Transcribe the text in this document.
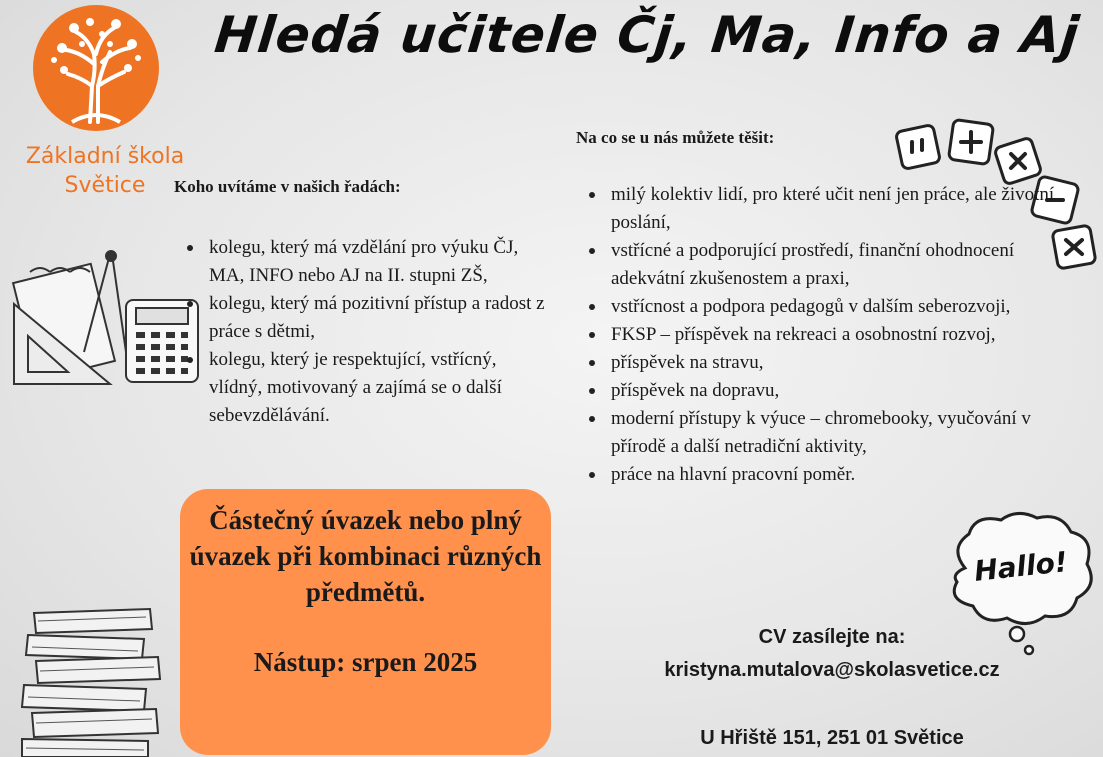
Základní škola
Světice
Hledá učitele Čj, Ma, Info a Aj
Koho uvítáme v našich řadách:
kolegu, který má vzdělání pro výuku ČJ, MA, INFO nebo AJ na II. stupni ZŠ,
kolegu, který má pozitivní přístup a radost z práce s dětmi,
kolegu, který je respektující, vstřícný, vlídný, motivovaný a zajímá se o další sebevzdělávání.
Na co se u nás můžete těšit:
milý kolektiv lidí, pro které učit není jen práce, ale životní poslání,
vstřícné a podporující prostředí, finanční ohodnocení adekvátní zkušenostem a praxi,
vstřícnost a podpora pedagogů v dalším seberozvoji,
FKSP – příspěvek na rekreaci a osobnostní rozvoj,
příspěvek na stravu,
příspěvek na dopravu,
moderní přístupy k výuce – chromebooky, vyučování v přírodě a další netradiční aktivity,
práce na hlavní pracovní poměr.
Částečný úvazek nebo plný úvazek při kombinaci různých předmětů.
Nástup: srpen 2025
Hallo!
CV zasílejte na:
kristyna.mutalova@skolasvetice.cz
U Hřiště 151, 251 01 Světice
